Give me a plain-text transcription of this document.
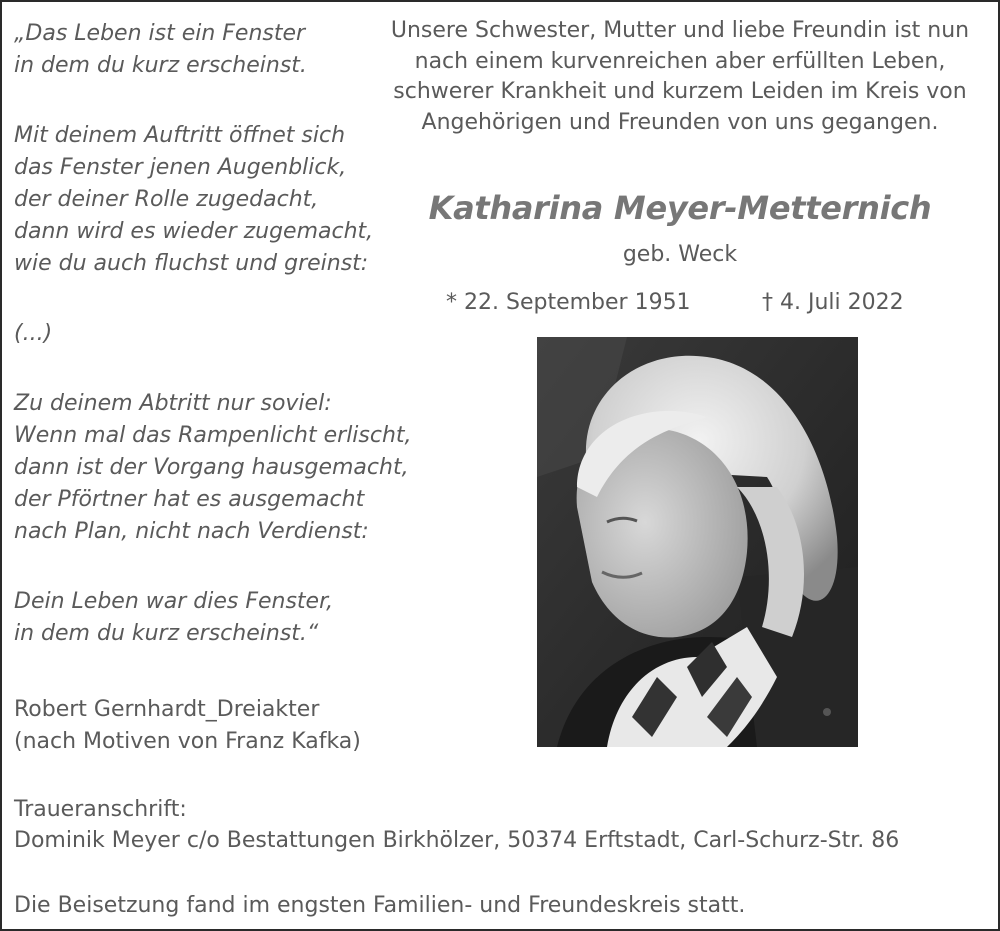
„Das Leben ist ein Fenster
in dem du kurz erscheinst.
Mit deinem Auftritt öffnet sich
das Fenster jenen Augenblick,
der deiner Rolle zugedacht,
dann wird es wieder zugemacht,
wie du auch fluchst und greinst:
(...)
Zu deinem Abtritt nur soviel:
Wenn mal das Rampenlicht erlischt,
dann ist der Vorgang hausgemacht,
der Pförtner hat es ausgemacht
nach Plan, nicht nach Verdienst:
Dein Leben war dies Fenster,
in dem du kurz erscheinst.“
Robert Gernhardt_Dreiakter
(nach Motiven von Franz Kafka)
Unsere Schwester, Mutter und liebe Freundin ist nun
nach einem kurvenreichen aber erfüllten Leben,
schwerer Krankheit und kurzem Leiden im Kreis von
Angehörigen und Freunden von uns gegangen.
Katharina Meyer-Metternich
geb. Weck
* 22. September 1951	† 4. Juli 2022
Traueranschrift:
Dominik Meyer c/o Bestattungen Birkhölzer, 50374 Erftstadt, Carl-Schurz-Str. 86
Die Beisetzung fand im engsten Familien- und Freundeskreis statt.
